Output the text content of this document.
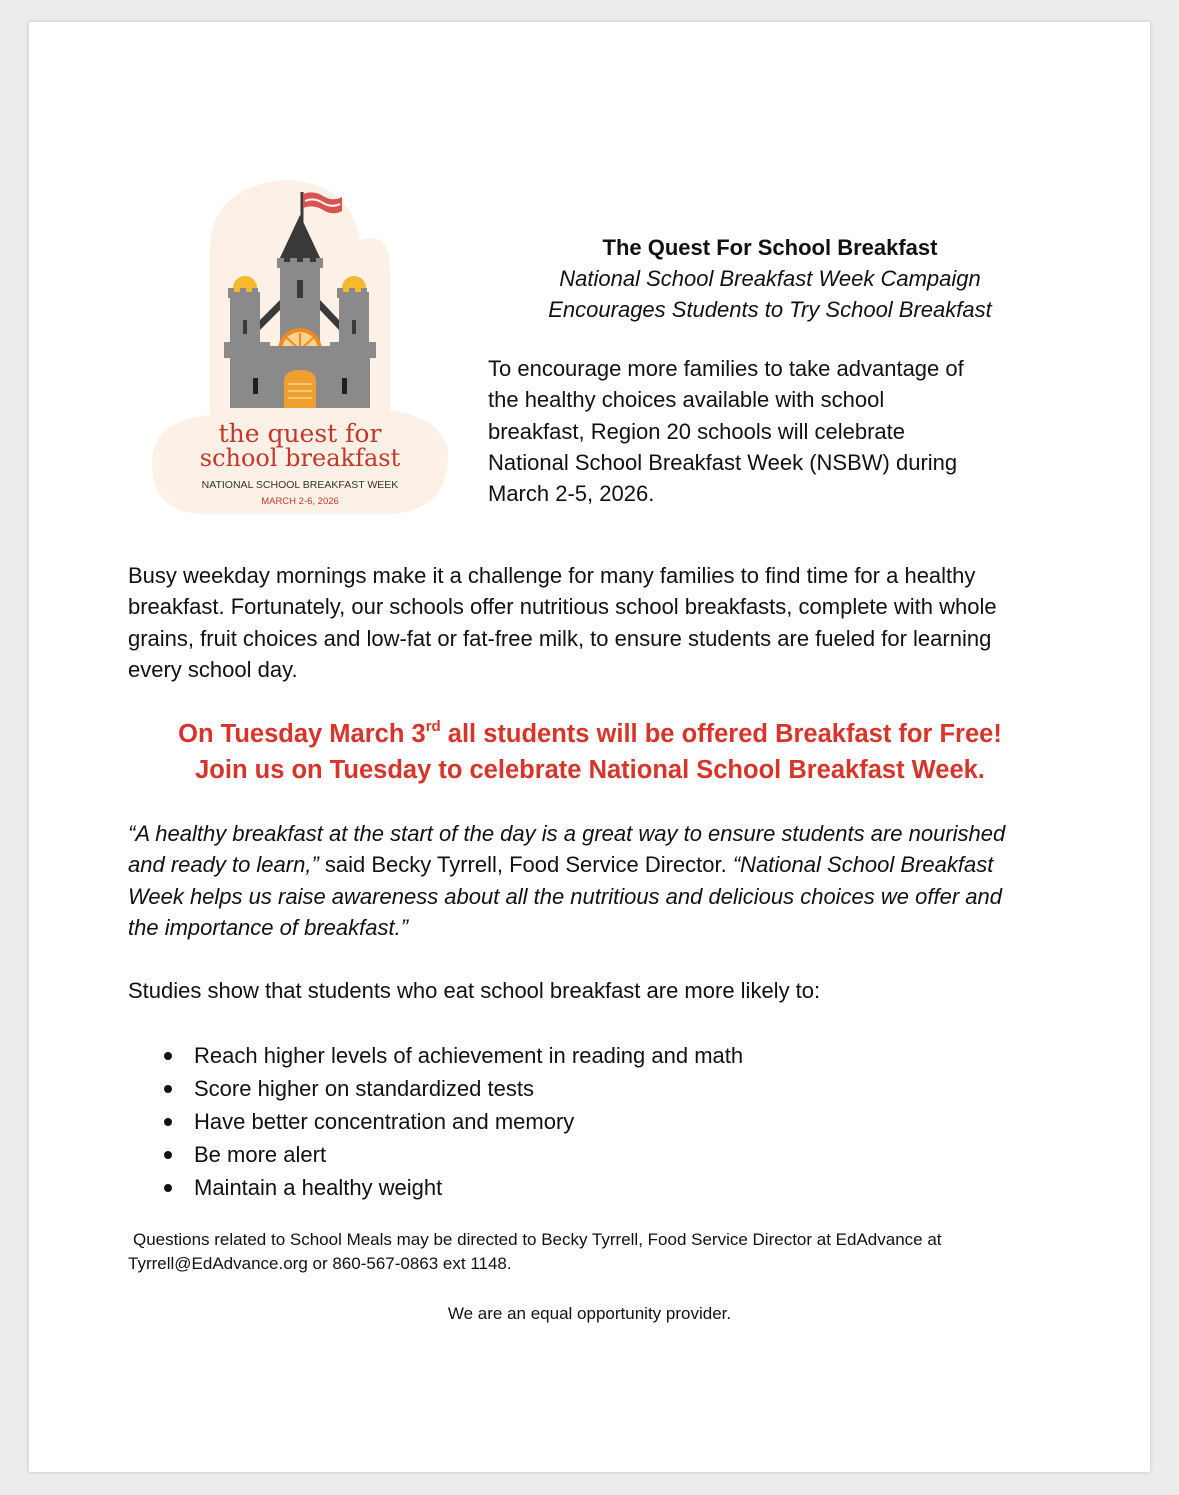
the quest for
school breakfast
NATIONAL SCHOOL BREAKFAST WEEK
MARCH 2-6, 2026
The Quest For School Breakfast
National School Breakfast Week Campaign
Encourages Students to Try School Breakfast
To encourage more families to take advantage of
the healthy choices available with school
breakfast, Region 20 schools will celebrate
National School Breakfast Week (NSBW) during
March 2-5, 2026.
Busy weekday mornings make it a challenge for many families to find time for a healthy breakfast. Fortunately, our schools offer nutritious school breakfasts, complete with whole grains, fruit choices and low-fat or fat-free milk, to ensure students are fueled for learning every school day.
On Tuesday March 3rd all students will be offered Breakfast for Free!
Join us on Tuesday to celebrate National School Breakfast Week.
“A healthy breakfast at the start of the day is a great way to ensure students are nourished and ready to learn,” said Becky Tyrrell, Food Service Director. “National School Breakfast Week helps us raise awareness about all the nutritious and delicious choices we offer and the importance of breakfast.”
Studies show that students who eat school breakfast are more likely to:
Reach higher levels of achievement in reading and math
Score higher on standardized tests
Have better concentration and memory
Be more alert
Maintain a healthy weight
Questions related to School Meals may be directed to Becky Tyrrell, Food Service Director at EdAdvance at
Tyrrell@EdAdvance.org or 860-567-0863 ext 1148.
We are an equal opportunity provider.
